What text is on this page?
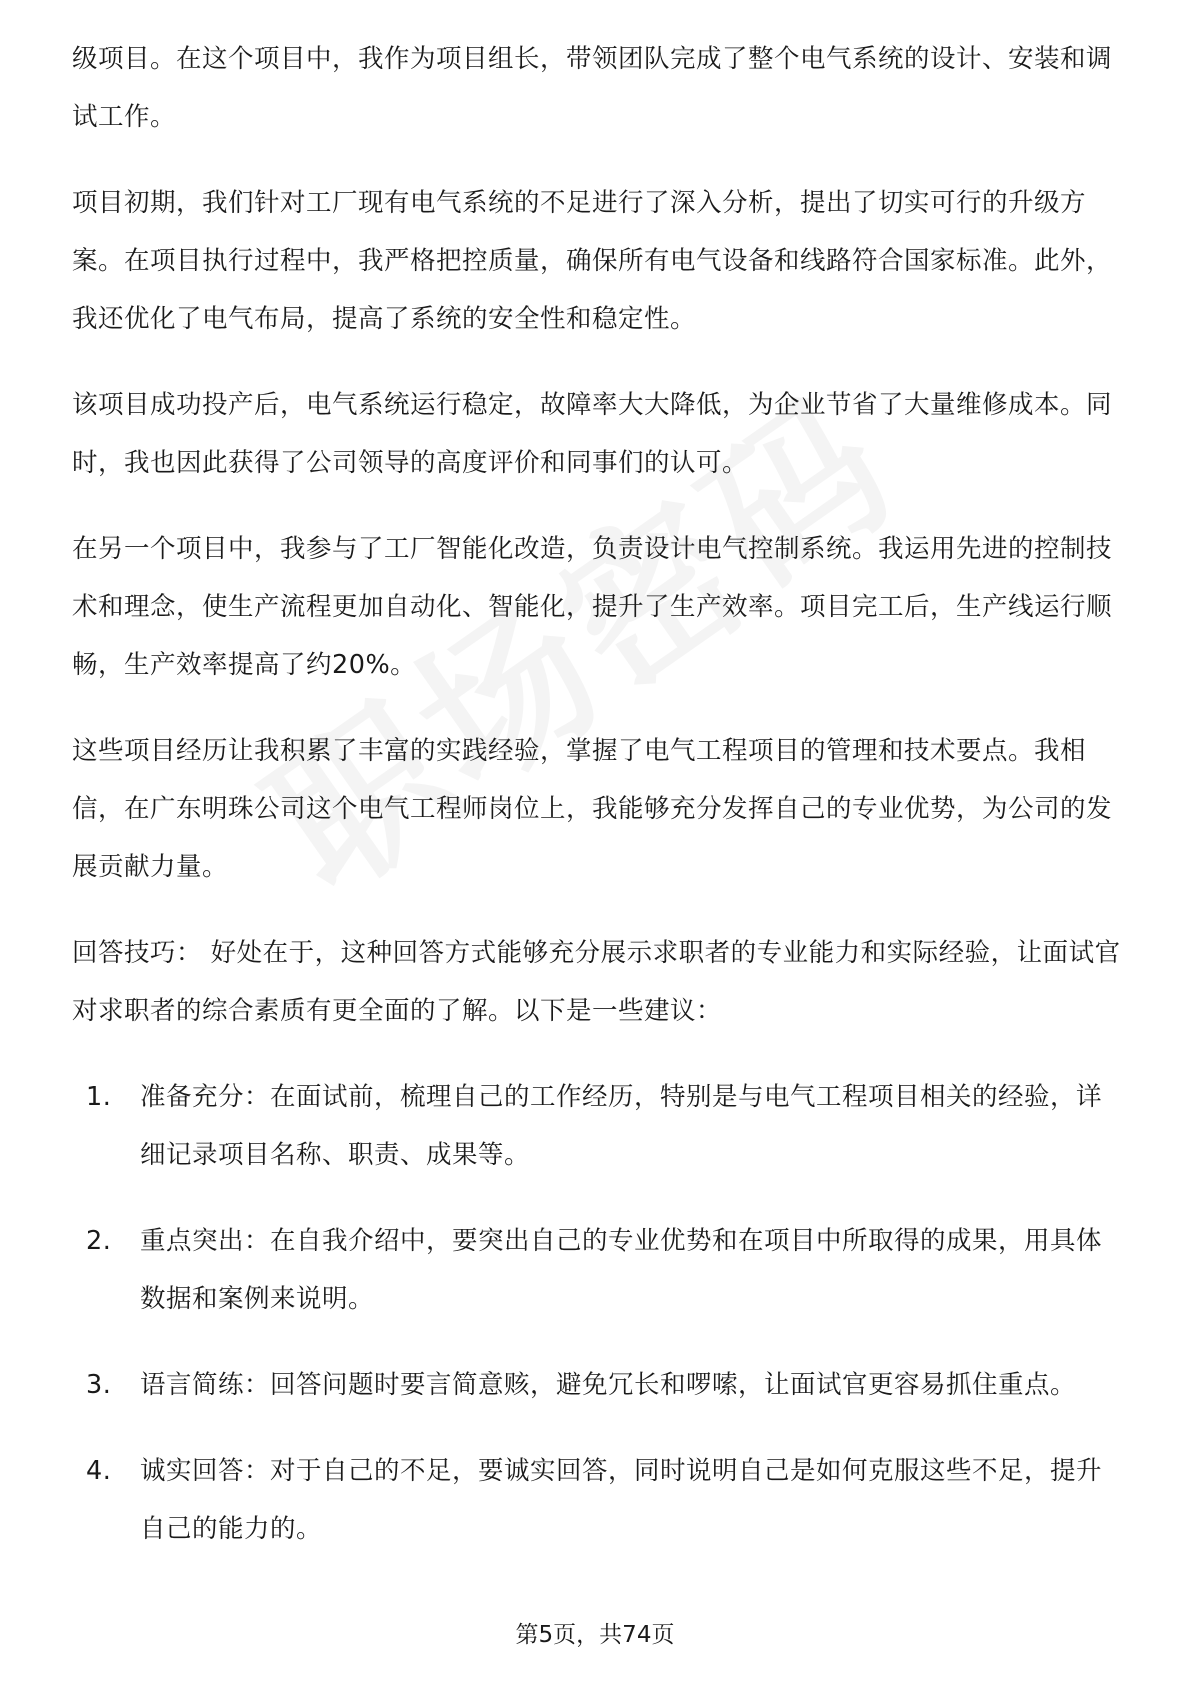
级项目。在这个项目中，我作为项目组长，带领团队完成了整个电气系统的设计、安装和调试工作。

项目初期，我们针对工厂现有电气系统的不足进行了深入分析，提出了切实可行的升级方案。在项目执行过程中，我严格把控质量，确保所有电气设备和线路符合国家标准。此外，我还优化了电气布局，提高了系统的安全性和稳定性。

该项目成功投产后，电气系统运行稳定，故障率大大降低，为企业节省了大量维修成本。同时，我也因此获得了公司领导的高度评价和同事们的认可。

在另一个项目中，我参与了工厂智能化改造，负责设计电气控制系统。我运用先进的控制技术和理念，使生产流程更加自动化、智能化，提升了生产效率。项目完工后，生产线运行顺畅，生产效率提高了约20%。

这些项目经历让我积累了丰富的实践经验，掌握了电气工程项目的管理和技术要点。我相信，在广东明珠公司这个电气工程师岗位上，我能够充分发挥自己的专业优势，为公司的发展贡献力量。

回答技巧： 好处在于，这种回答方式能够充分展示求职者的专业能力和实际经验，让面试官对求职者的综合素质有更全面的了解。以下是一些建议：

1.	准备充分：在面试前，梳理自己的工作经历，特别是与电气工程项目相关的经验，详细记录项目名称、职责、成果等。
2.	重点突出：在自我介绍中，要突出自己的专业优势和在项目中所取得的成果，用具体数据和案例来说明。
3.	语言简练：回答问题时要言简意赅，避免冗长和啰嗦，让面试官更容易抓住重点。
4.	诚实回答：对于自己的不足，要诚实回答，同时说明自己是如何克服这些不足，提升自己的能力的。
第5页，共74页
